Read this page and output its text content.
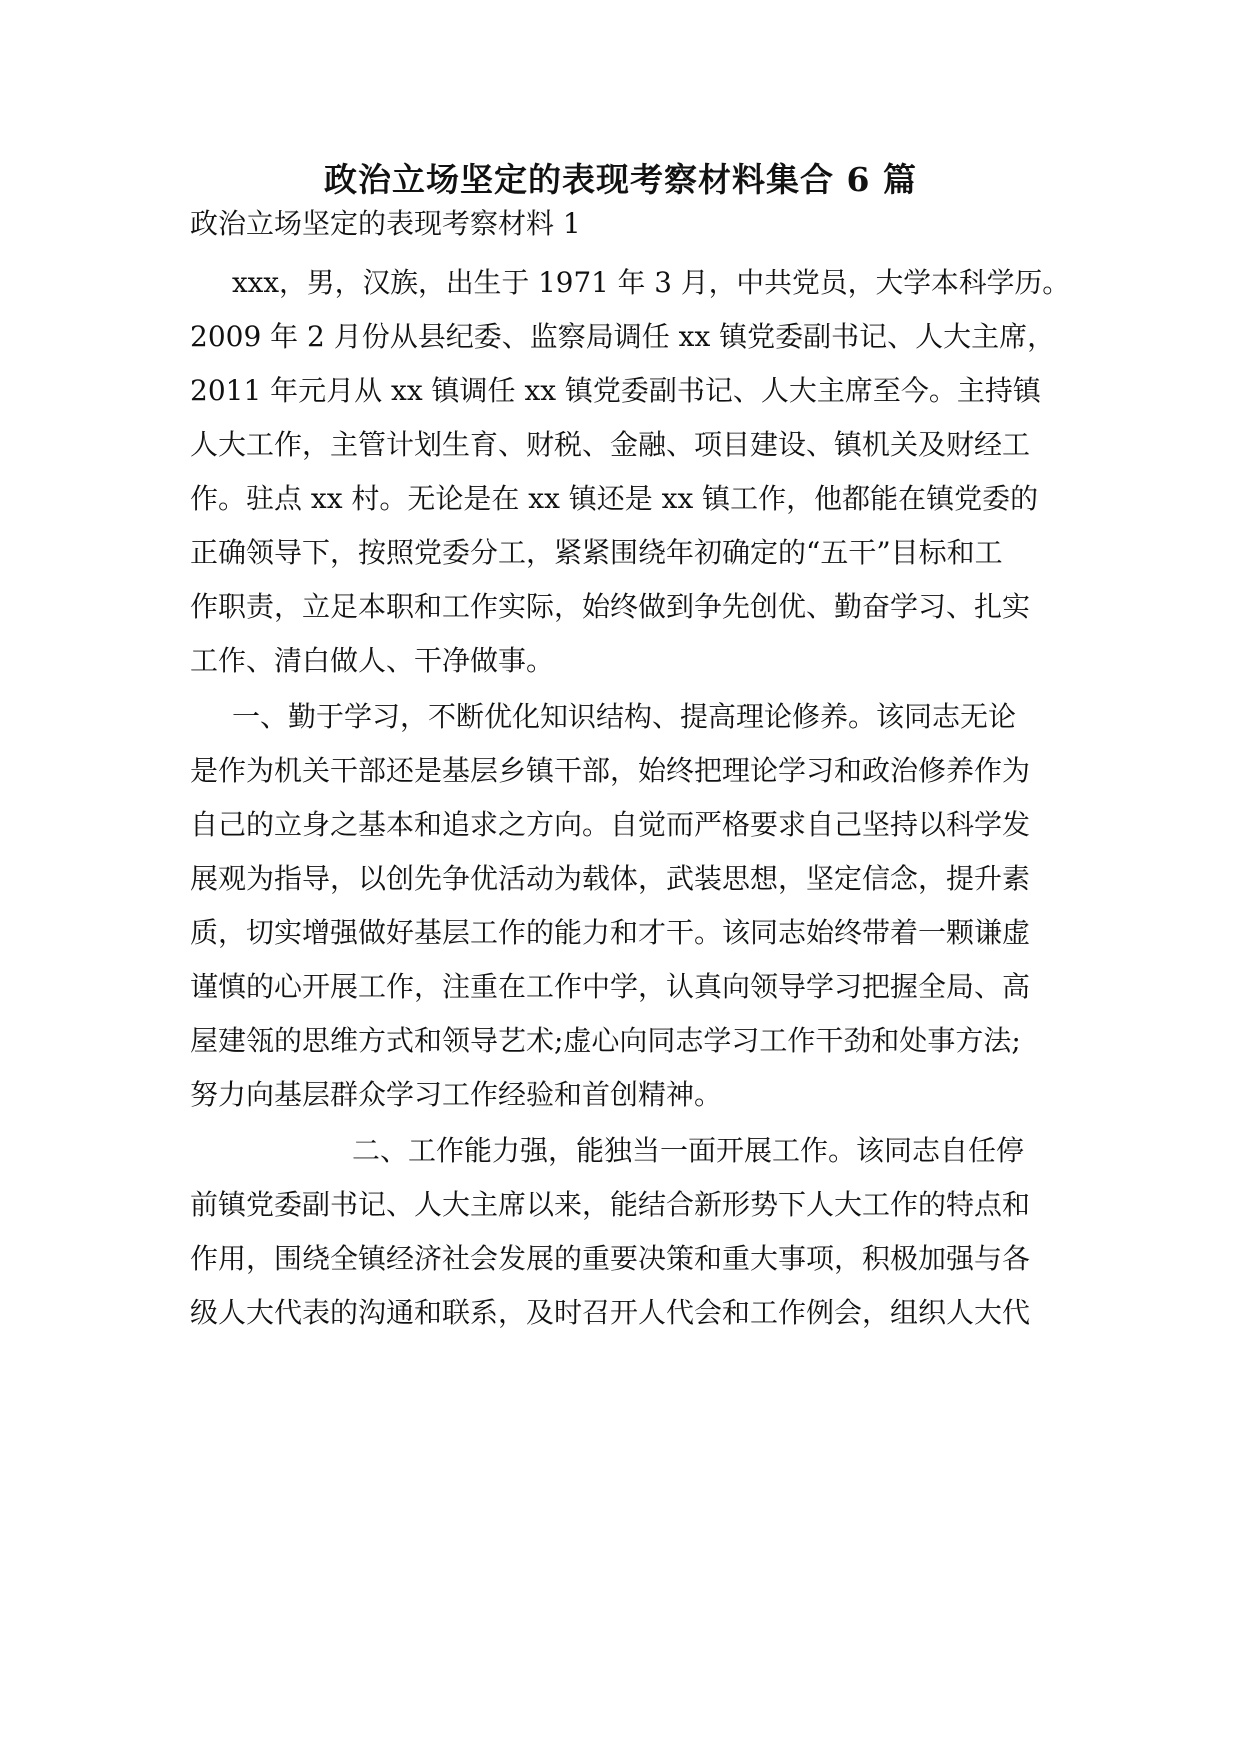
政治立场坚定的表现考察材料集合 6 篇

政治立场坚定的表现考察材料 1

xxx，男，汉族，出生于 1971 年 3 月，中共党员，大学本科学历。

2009 年 2 月份从县纪委、监察局调任 xx 镇党委副书记、人大主席，

2011 年元月从 xx 镇调任 xx 镇党委副书记、人大主席至今。主持镇

人大工作，主管计划生育、财税、金融、项目建设、镇机关及财经工

作。驻点 xx 村。无论是在 xx 镇还是 xx 镇工作，他都能在镇党委的

正确领导下，按照党委分工，紧紧围绕年初确定的“五干”目标和工

作职责，立足本职和工作实际，始终做到争先创优、勤奋学习、扎实

工作、清白做人、干净做事。

一、勤于学习，不断优化知识结构、提高理论修养。该同志无论

是作为机关干部还是基层乡镇干部，始终把理论学习和政治修养作为

自己的立身之基本和追求之方向。自觉而严格要求自己坚持以科学发

展观为指导，以创先争优活动为载体，武装思想，坚定信念，提升素

质，切实增强做好基层工作的能力和才干。该同志始终带着一颗谦虚

谨慎的心开展工作，注重在工作中学，认真向领导学习把握全局、高

屋建瓴的思维方式和领导艺术;虚心向同志学习工作干劲和处事方法;

努力向基层群众学习工作经验和首创精神。

二、工作能力强，能独当一面开展工作。该同志自任停

前镇党委副书记、人大主席以来，能结合新形势下人大工作的特点和

作用，围绕全镇经济社会发展的重要决策和重大事项，积极加强与各

级人大代表的沟通和联系，及时召开人代会和工作例会，组织人大代
